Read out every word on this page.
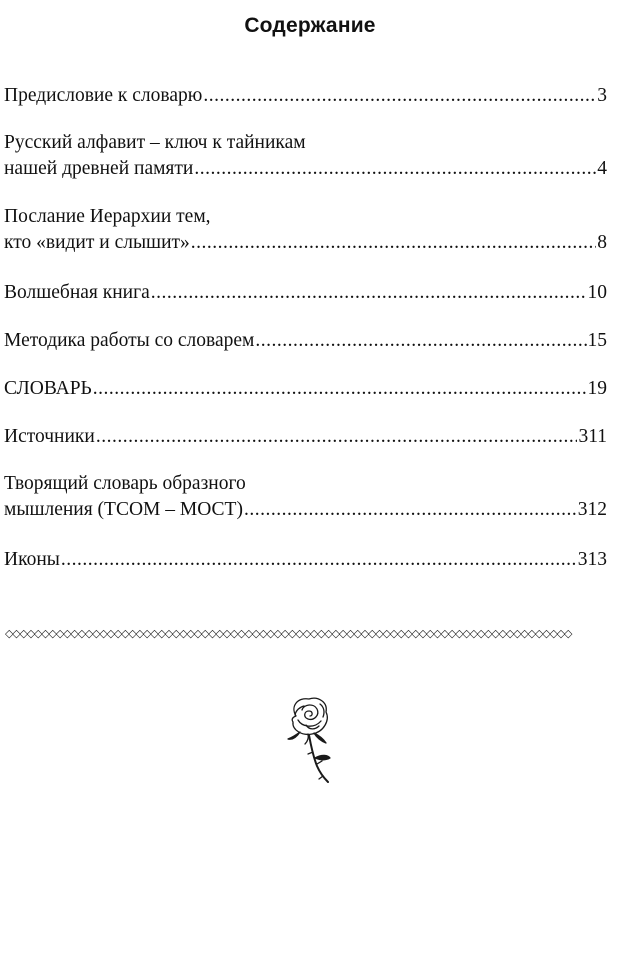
Содержание
Предисловие к словарю .....	3
Русский алфавит – ключ к тайникам
нашей древней памяти .....	4
Послание Иерархии тем,
кто «видит и слышит» .....	8
Волшебная книга .....	10
Методика работы со словарем .....	15
СЛОВАРЬ .....	19
Источники .....	311
Творящий словарь образного
мышления (ТСОМ – МОСТ) .....	312
Иконы .....	313
◇◇◇◇◇◇◇◇◇◇◇◇◇◇◇◇◇◇◇◇◇◇◇◇◇◇◇◇◇◇◇◇◇◇◇◇◇◇◇◇◇◇◇◇◇◇◇◇◇◇◇◇◇◇◇◇◇◇◇◇◇◇◇◇◇◇◇◇◇◇◇◇◇◇◇◇◇◇
